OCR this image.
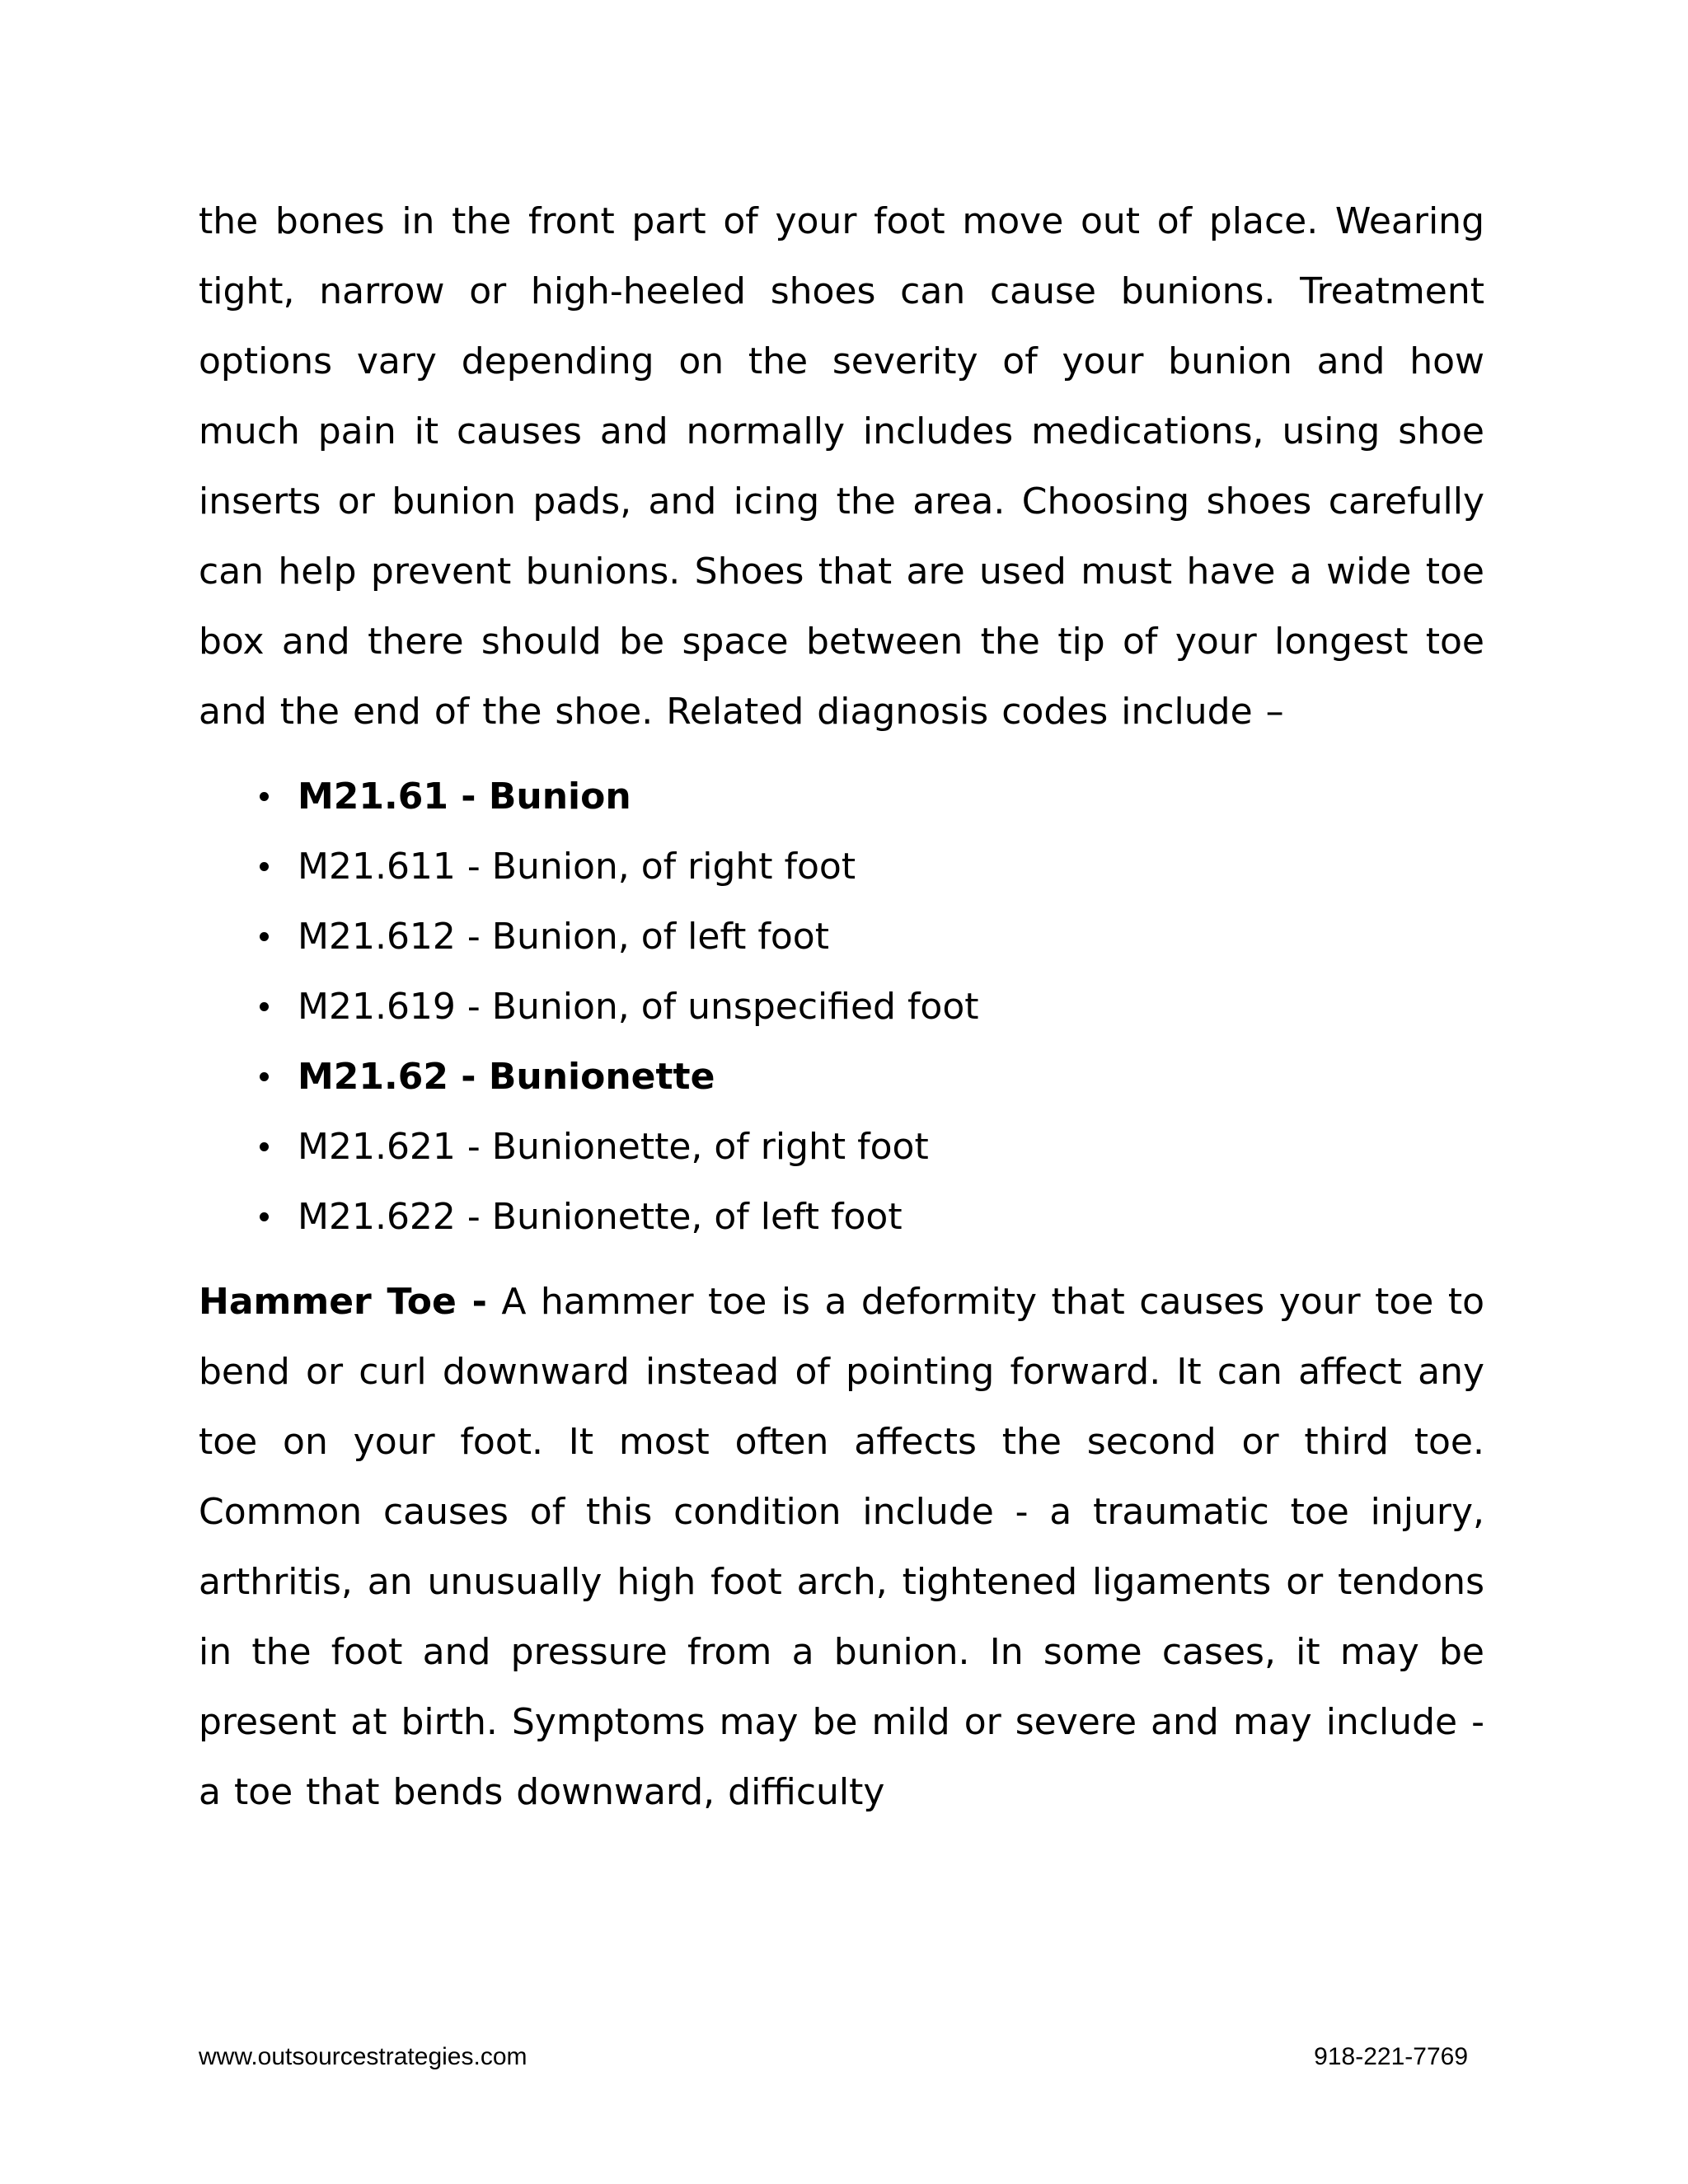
the bones in the front part of your foot move out of place. Wearing tight, narrow or high-heeled shoes can cause bunions. Treatment options vary depending on the severity of your bunion and how much pain it causes and normally includes medications, using shoe inserts or bunion pads, and icing the area. Choosing shoes carefully can help prevent bunions. Shoes that are used must have a wide toe box and there should be space between the tip of your longest toe and the end of the shoe. Related diagnosis codes include –

M21.61 - Bunion
M21.611 - Bunion, of right foot
M21.612 - Bunion, of left foot
M21.619 - Bunion, of unspecified foot
M21.62 - Bunionette
M21.621 - Bunionette, of right foot
M21.622 - Bunionette, of left foot

Hammer Toe - A hammer toe is a deformity that causes your toe to bend or curl downward instead of pointing forward. It can affect any toe on your foot. It most often affects the second or third toe. Common causes of this condition include - a traumatic toe injury, arthritis, an unusually high foot arch, tightened ligaments or tendons in the foot and pressure from a bunion. In some cases, it may be present at birth. Symptoms may be mild or severe and may include - a toe that bends downward, difficulty

www.outsourcestrategies.com	918-221-7769
